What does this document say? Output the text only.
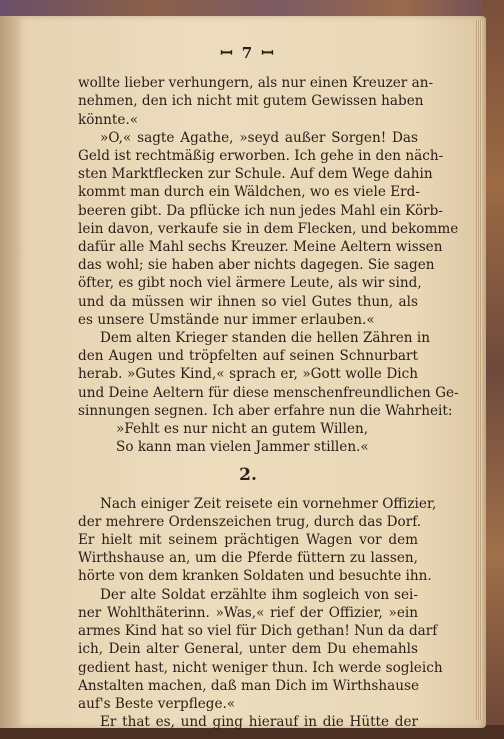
ꟷ 7 ꟷ
wollte lieber verhungern, als nur einen Kreuzer an-
nehmen, den ich nicht mit gutem Gewissen haben
könnte.«
»O,« sagte Agathe, »seyd außer Sorgen! Das
Geld ist rechtmäßig erworben. Ich gehe in den näch-
sten Marktflecken zur Schule. Auf dem Wege dahin
kommt man durch ein Wäldchen, wo es viele Erd-
beeren gibt. Da pflücke ich nun jedes Mahl ein Körb-
lein davon, verkaufe sie in dem Flecken, und bekomme
dafür alle Mahl sechs Kreuzer. Meine Aeltern wissen
das wohl; sie haben aber nichts dagegen. Sie sagen
öfter, es gibt noch viel ärmere Leute, als wir sind,
und da müssen wir ihnen so viel Gutes thun, als
es unsere Umstände nur immer erlauben.«
Dem alten Krieger standen die hellen Zähren in
den Augen und tröpfelten auf seinen Schnurbart
herab. »Gutes Kind,« sprach er, »Gott wolle Dich
und Deine Aeltern für diese menschenfreundlichen Ge-
sinnungen segnen. Ich aber erfahre nun die Wahrheit:
»Fehlt es nur nicht an gutem Willen,
So kann man vielen Jammer stillen.«
2.
Nach einiger Zeit reisete ein vornehmer Offizier,
der mehrere Ordenszeichen trug, durch das Dorf.
Er hielt mit seinem prächtigen Wagen vor dem
Wirthshause an, um die Pferde füttern zu lassen,
hörte von dem kranken Soldaten und besuchte ihn.
Der alte Soldat erzählte ihm sogleich von sei-
ner Wohlthäterinn. »Was,« rief der Offizier, »ein
armes Kind hat so viel für Dich gethan! Nun da darf
ich, Dein alter General, unter dem Du ehemahls
gedient hast, nicht weniger thun. Ich werde sogleich
Anstalten machen, daß man Dich im Wirthshause
auf's Beste verpflege.«
Er that es, und ging hierauf in die Hütte der
